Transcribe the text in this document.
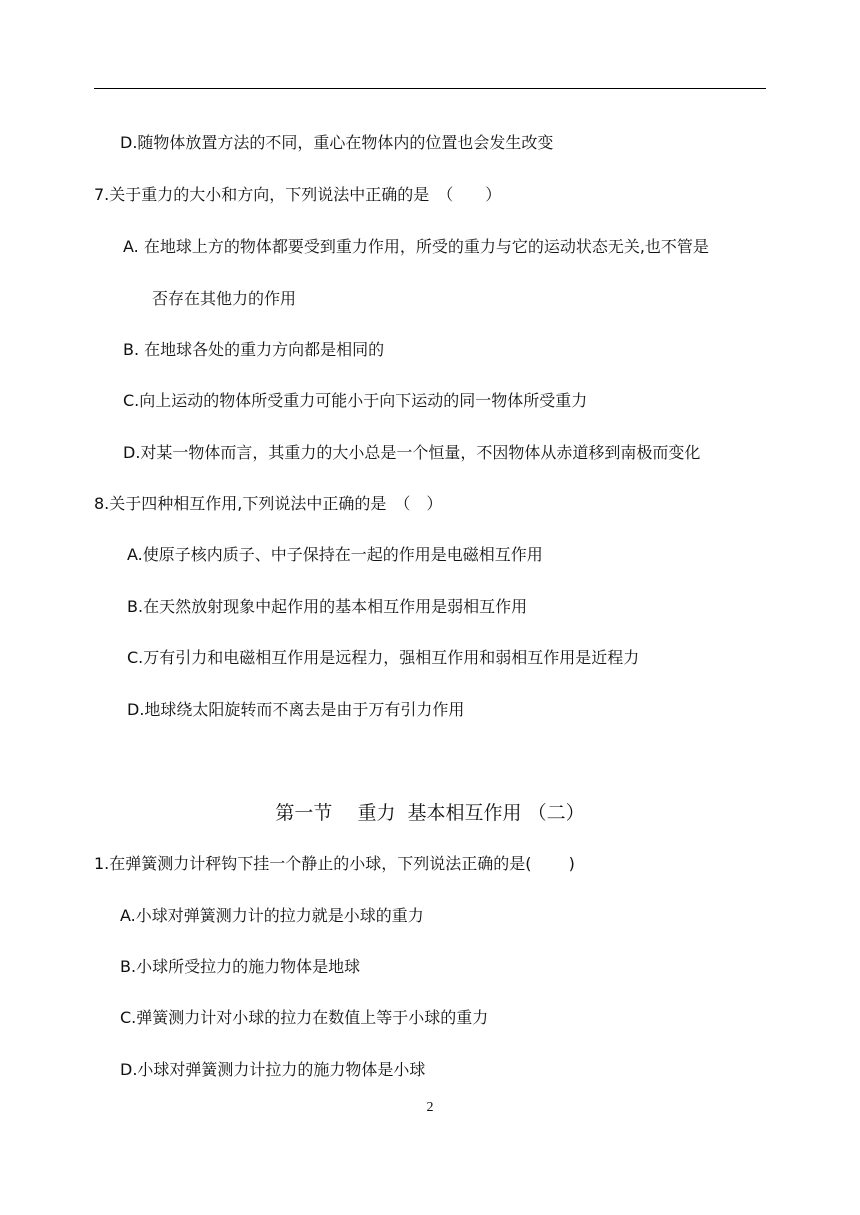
D.随物体放置方法的不同，重心在物体内的位置也会发生改变
7.关于重力的大小和方向，下列说法中正确的是　（　　）
A. 在地球上方的物体都要受到重力作用，所受的重力与它的运动状态无关,也不管是
否存在其他力的作用
B. 在地球各处的重力方向都是相同的
C.向上运动的物体所受重力可能小于向下运动的同一物体所受重力
D.对某一物体而言，其重力的大小总是一个恒量，不因物体从赤道移到南极而变化
8.关于四种相互作用,下列说法中正确的是　（　）
A.使原子核内质子、中子保持在一起的作用是电磁相互作用
B.在天然放射现象中起作用的基本相互作用是弱相互作用
C.万有引力和电磁相互作用是远程力，强相互作用和弱相互作用是近程力
D.地球绕太阳旋转而不离去是由于万有引力作用
第一节　 重力  基本相互作用 （二）
1.在弹簧测力计秤钩下挂一个静止的小球，下列说法正确的是(　　 )
A.小球对弹簧测力计的拉力就是小球的重力
B.小球所受拉力的施力物体是地球
C.弹簧测力计对小球的拉力在数值上等于小球的重力
D.小球对弹簧测力计拉力的施力物体是小球
2
